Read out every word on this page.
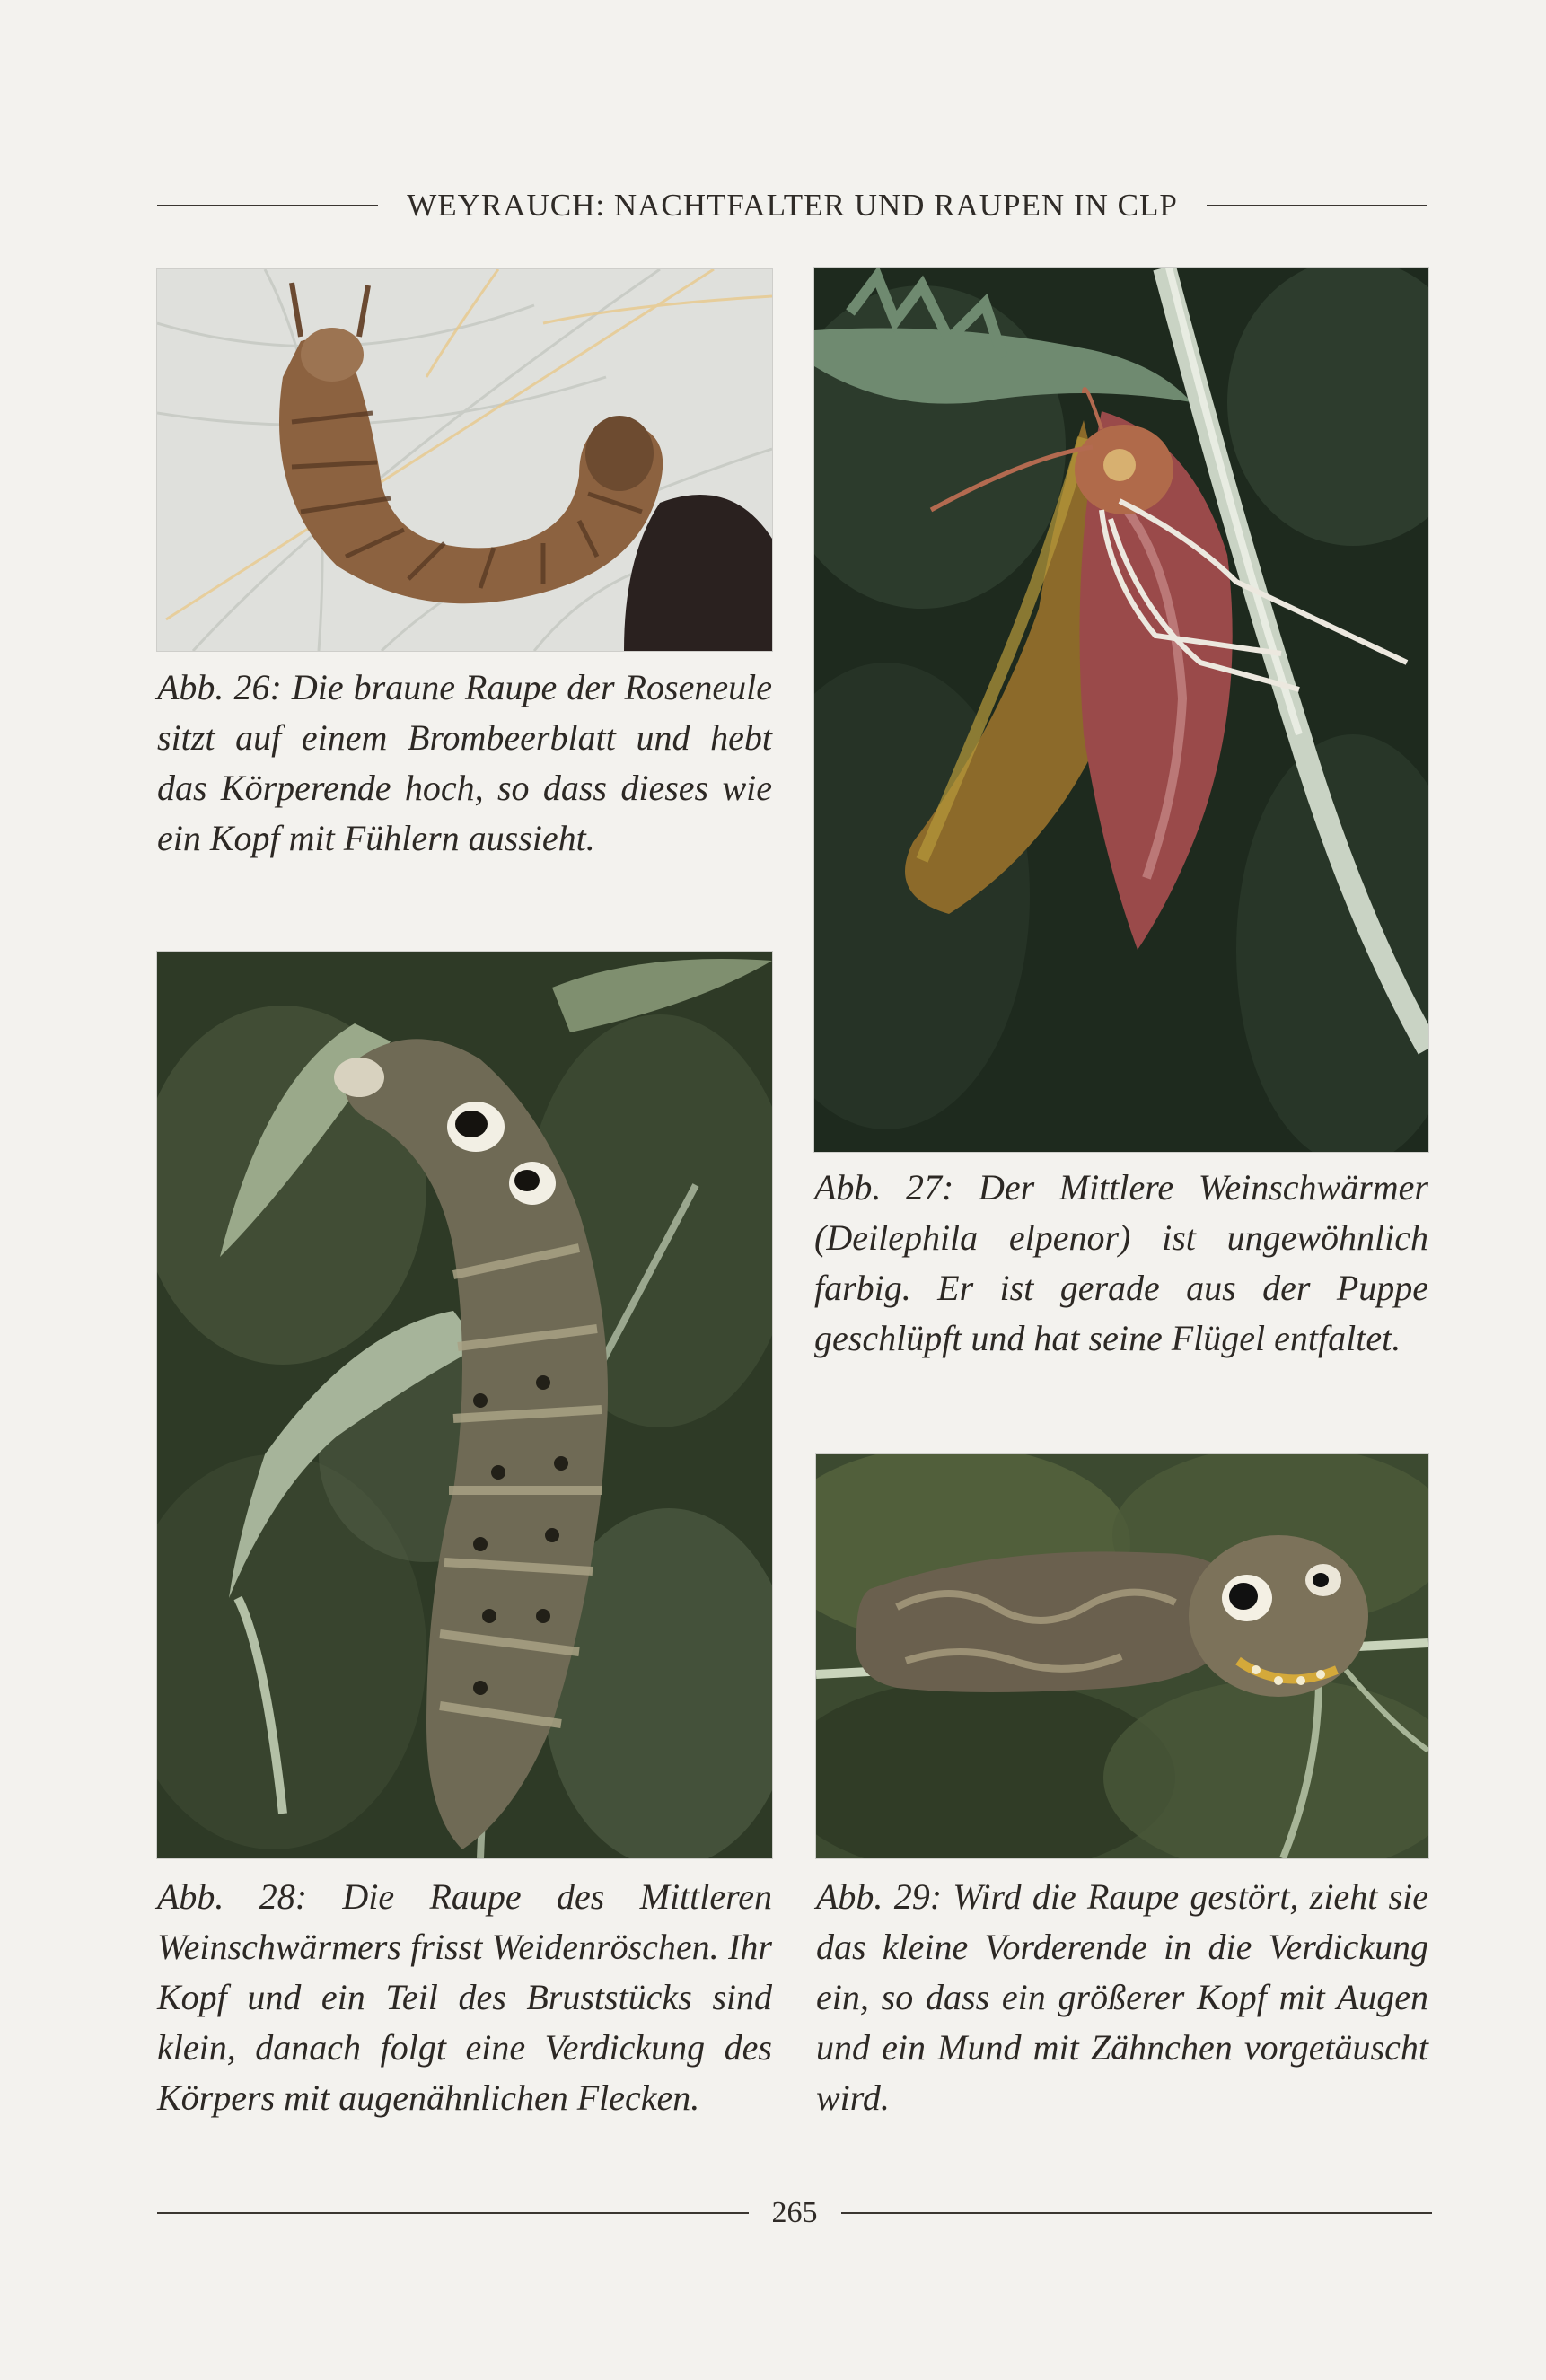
WEYRAUCH: NACHTFALTER UND RAUPEN IN CLP

Abb. 26: Die braune Raupe der Roseneule sitzt auf einem Brombeerblatt und hebt das Körperende hoch, so dass dieses wie ein Kopf mit Fühlern aussieht.

Abb. 27: Der Mittlere Weinschwärmer (Deilephila elpenor) ist ungewöhnlich farbig. Er ist gerade aus der Puppe geschlüpft und hat seine Flügel entfaltet.

Abb. 28: Die Raupe des Mittleren Weinschwärmers frisst Weidenröschen. Ihr Kopf und ein Teil des Bruststücks sind klein, danach folgt eine Verdickung des Körpers mit augenähnlichen Flecken.

Abb. 29: Wird die Raupe gestört, zieht sie das kleine Vorderende in die Verdickung ein, so dass ein größerer Kopf mit Augen und ein Mund mit Zähnchen vorgetäuscht wird.

265
